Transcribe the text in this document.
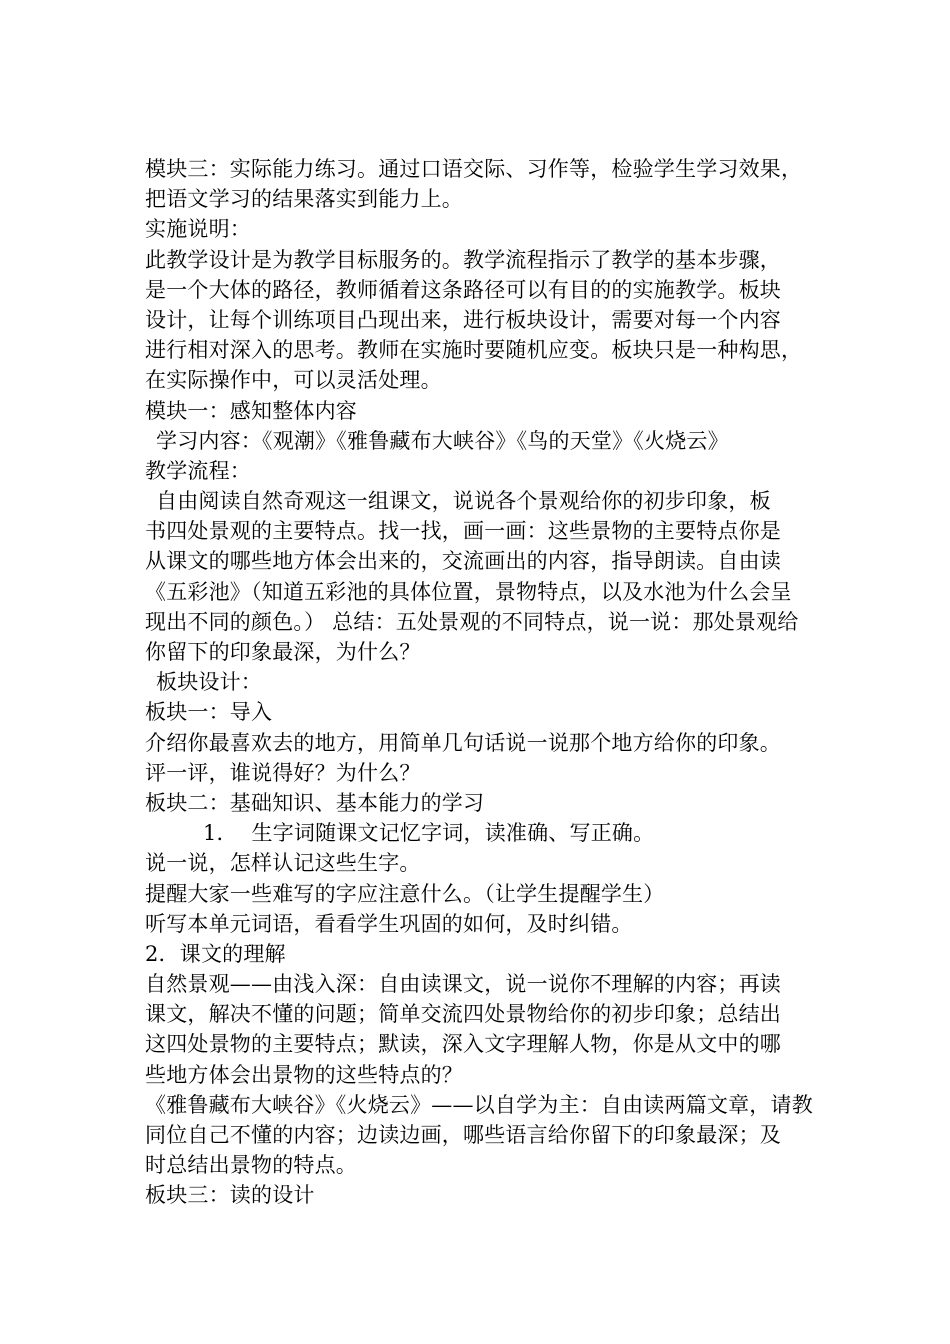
模块三：实际能力练习。通过口语交际、习作等，检验学生学习效果，

把语文学习的结果落实到能力上。

实施说明：

此教学设计是为教学目标服务的。教学流程指示了教学的基本步骤，

是一个大体的路径，教师循着这条路径可以有目的的实施教学。板块

设计，让每个训练项目凸现出来，进行板块设计，需要对每一个内容

进行相对深入的思考。教师在实施时要随机应变。板块只是一种构思，

在实际操作中，可以灵活处理。

模块一：感知整体内容

学习内容：《观潮》《雅鲁藏布大峡谷》《鸟的天堂》《火烧云》

教学流程：

自由阅读自然奇观这一组课文，说说各个景观给你的初步印象，板

书四处景观的主要特点。找一找，画一画：这些景物的主要特点你是

从课文的哪些地方体会出来的，交流画出的内容，指导朗读。自由读

《五彩池》（知道五彩池的具体位置，景物特点，以及水池为什么会呈

现出不同的颜色。） 总结：五处景观的不同特点，说一说：那处景观给

你留下的印象最深，为什么？

板块设计：

板块一：导入

介绍你最喜欢去的地方，用简单几句话说一说那个地方给你的印象。

评一评，谁说得好？为什么？

板块二：基础知识、基本能力的学习

1．  生字词随课文记忆字词，读准确、写正确。

说一说，怎样认记这些生字。

提醒大家一些难写的字应注意什么。（让学生提醒学生）

听写本单元词语，看看学生巩固的如何，及时纠错。

2．课文的理解

自然景观——由浅入深：自由读课文，说一说你不理解的内容；再读

课文，解决不懂的问题；简单交流四处景物给你的初步印象；总结出

这四处景物的主要特点；默读，深入文字理解人物，你是从文中的哪

些地方体会出景物的这些特点的？

《雅鲁藏布大峡谷》《火烧云》——以自学为主：自由读两篇文章，请教

同位自己不懂的内容；边读边画，哪些语言给你留下的印象最深；及

时总结出景物的特点。

板块三：读的设计
